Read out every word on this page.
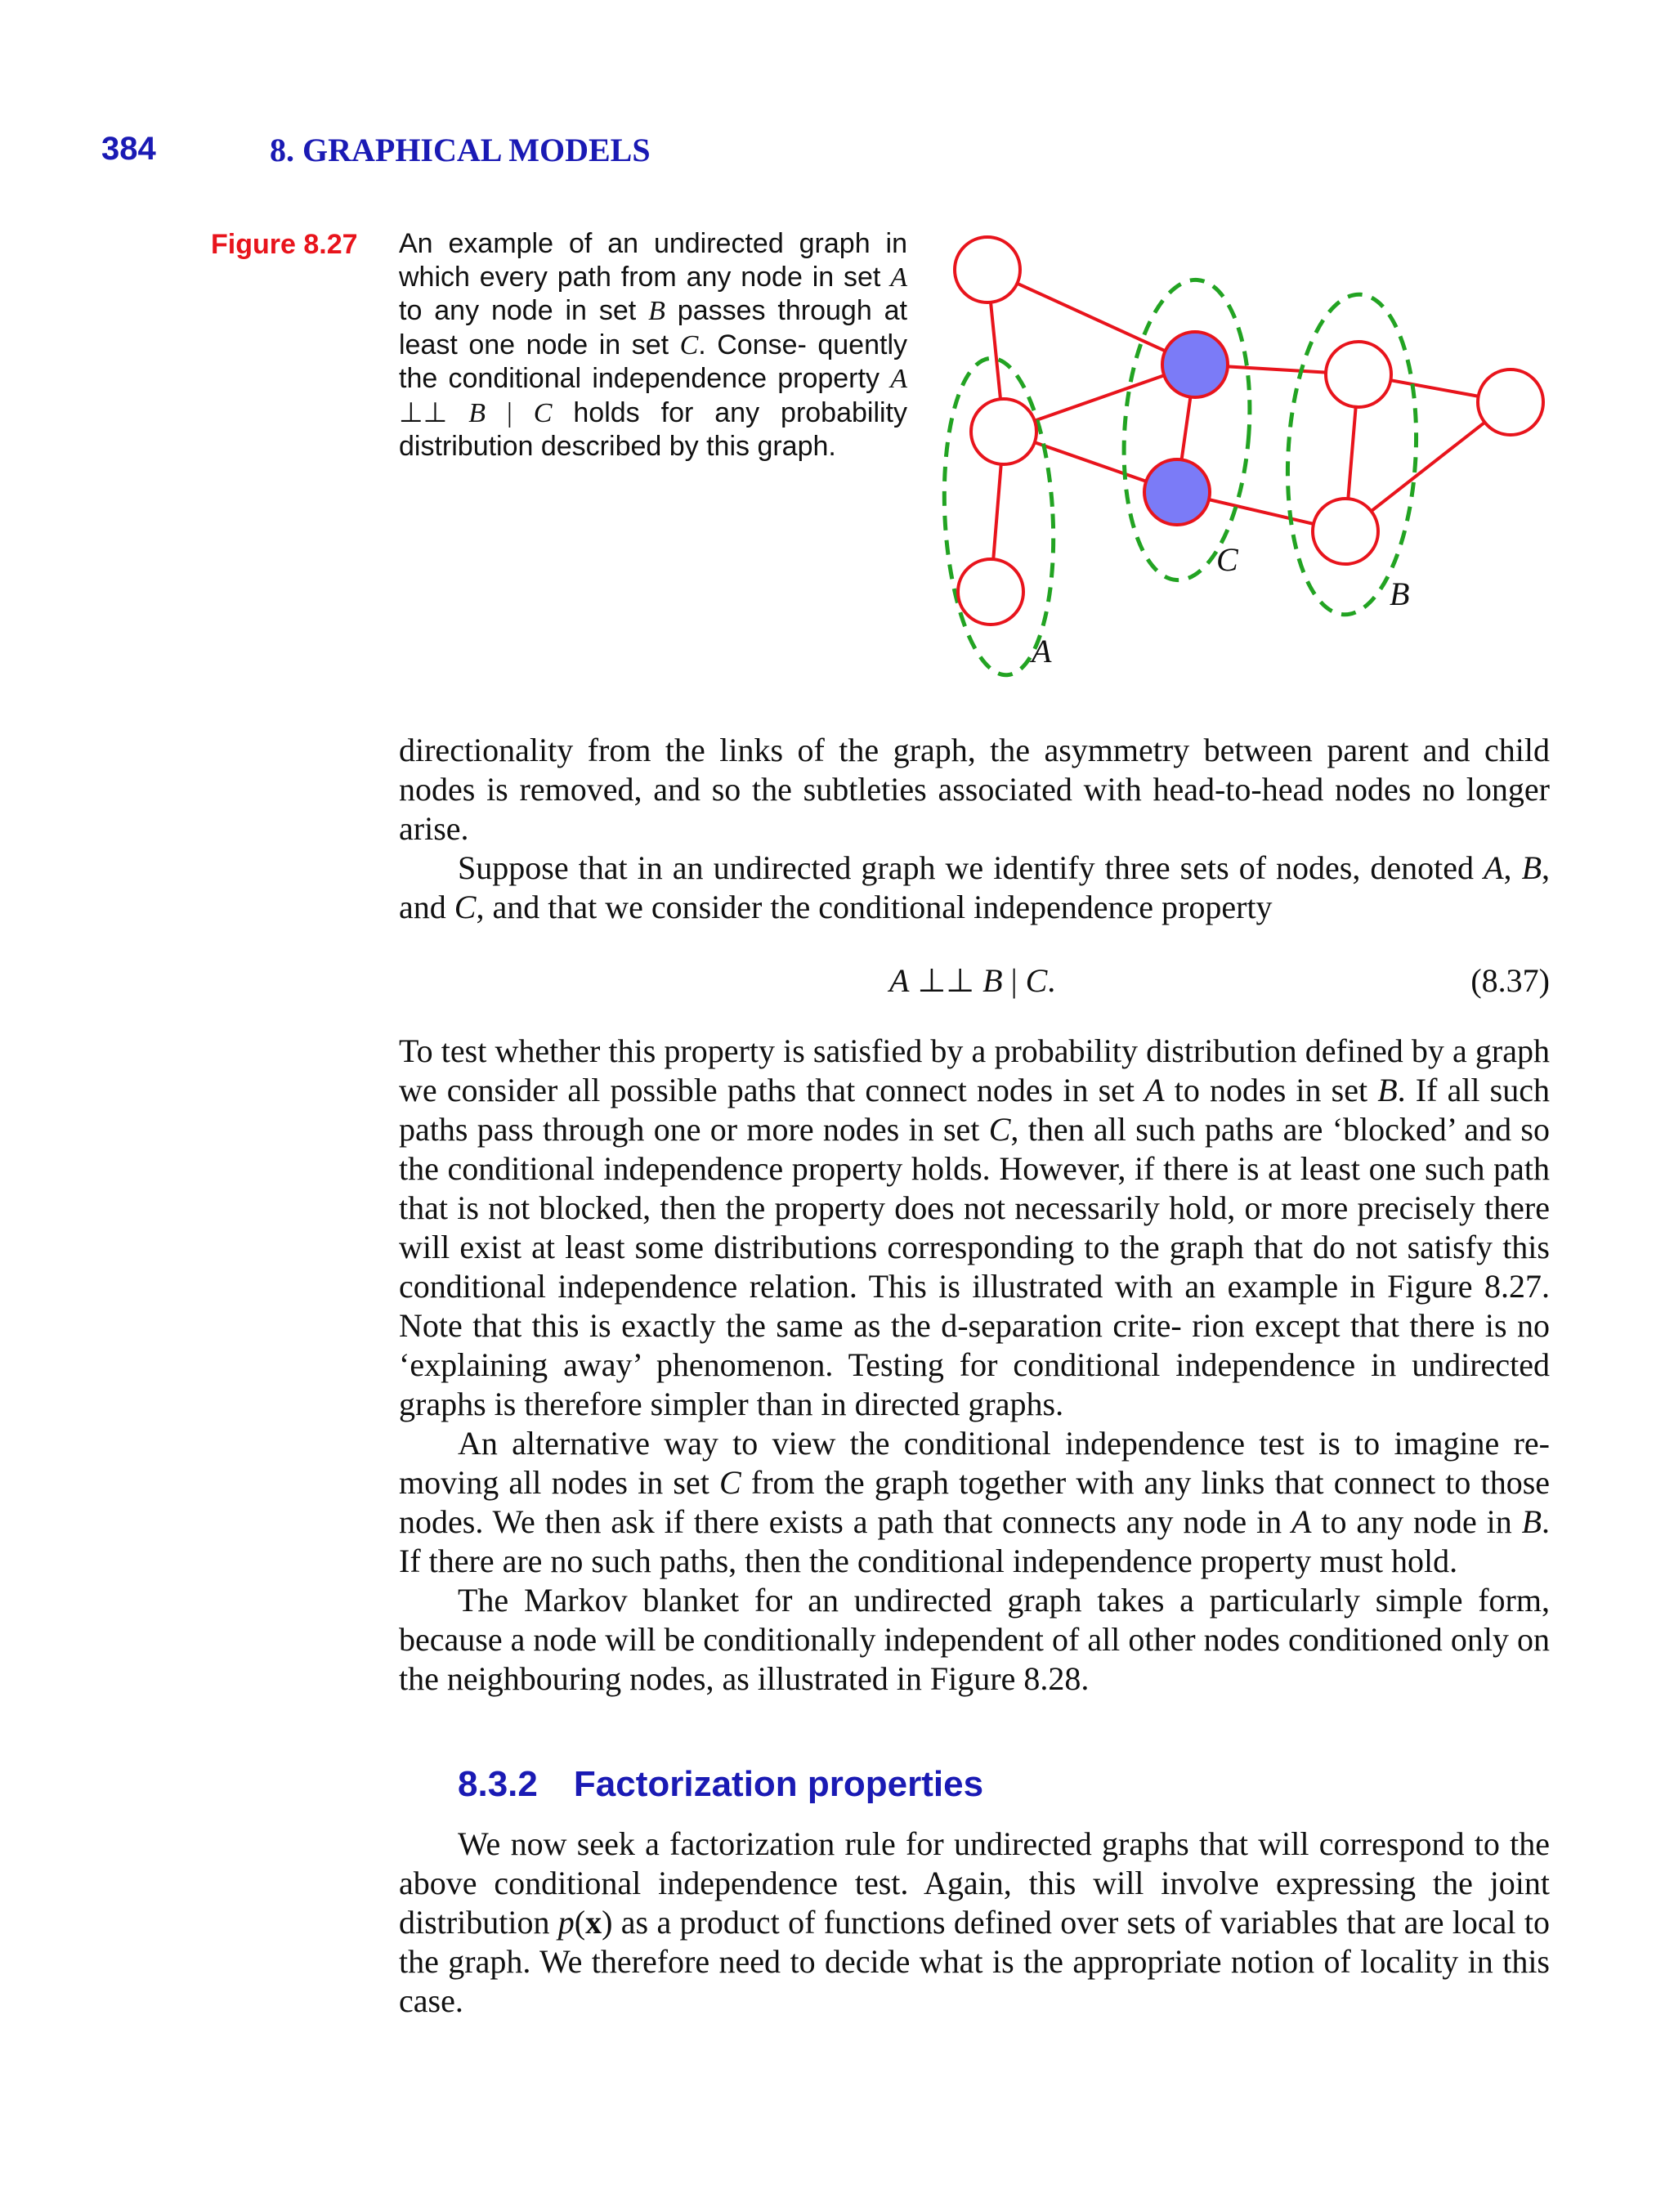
384	8. GRAPHICAL MODELS
Figure 8.27 An example of an undirected graph in which every path from any node in set A to any node in set B passes through at least one node in set C. Conse- quently the conditional independence property A ⊥⊥ B | C holds for any probability distribution described by this graph.
A
C
B

directionality from the links of the graph, the asymmetry between parent and child nodes is removed, and so the subtleties associated with head-to-head nodes no longer arise.

Suppose that in an undirected graph we identify three sets of nodes, denoted A, B, and C, and that we consider the conditional independence property

A ⊥⊥ B | C.	(8.37)

To test whether this property is satisfied by a probability distribution defined by a graph we consider all possible paths that connect nodes in set A to nodes in set B. If all such paths pass through one or more nodes in set C, then all such paths are ‘blocked’ and so the conditional independence property holds. However, if there is at least one such path that is not blocked, then the property does not necessarily hold, or more precisely there will exist at least some distributions corresponding to the graph that do not satisfy this conditional independence relation. This is illustrated with an example in Figure 8.27. Note that this is exactly the same as the d-separation crite- rion except that there is no ‘explaining away’ phenomenon. Testing for conditional independence in undirected graphs is therefore simpler than in directed graphs.

An alternative way to view the conditional independence test is to imagine re- moving all nodes in set C from the graph together with any links that connect to those nodes. We then ask if there exists a path that connects any node in A to any node in B. If there are no such paths, then the conditional independence property must hold.

The Markov blanket for an undirected graph takes a particularly simple form, because a node will be conditionally independent of all other nodes conditioned only on the neighbouring nodes, as illustrated in Figure 8.28.

8.3.2 Factorization properties

We now seek a factorization rule for undirected graphs that will correspond to the above conditional independence test. Again, this will involve expressing the joint distribution p(x) as a product of functions defined over sets of variables that are local to the graph. We therefore need to decide what is the appropriate notion of locality in this case.
